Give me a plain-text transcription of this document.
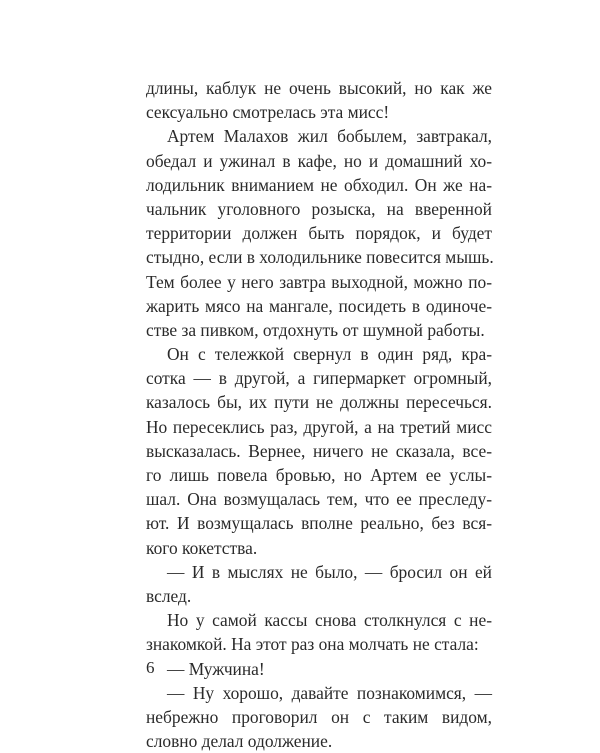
длины, каблук не очень высокий, но как же
сексуально смотрелась эта мисс!
Артем Малахов жил бобылем, завтракал,
обедал и ужинал в кафе, но и домашний хо-
лодильник вниманием не обходил. Он же на-
чальник уголовного розыска, на вверенной
территории должен быть порядок, и будет
стыдно, если в холодильнике повесится мышь.
Тем более у него завтра выходной, можно по-
жарить мясо на мангале, посидеть в одиноче-
стве за пивком, отдохнуть от шумной работы.
Он с тележкой свернул в один ряд, кра-
сотка — в другой, а гипермаркет огромный,
казалось бы, их пути не должны пересечься.
Но пересеклись раз, другой, а на третий мисс
высказалась. Вернее, ничего не сказала, все-
го лишь повела бровью, но Артем ее услы-
шал. Она возмущалась тем, что ее преследу-
ют. И возмущалась вполне реально, без вся-
кого кокетства.
— И в мыслях не было, — бросил он ей
вслед.
Но у самой кассы снова столкнулся с не-
знакомкой. На этот раз она молчать не стала:
— Мужчина!
— Ну хорошо, давайте познакомимся, —
небрежно проговорил он с таким видом,
словно делал одолжение.
6
